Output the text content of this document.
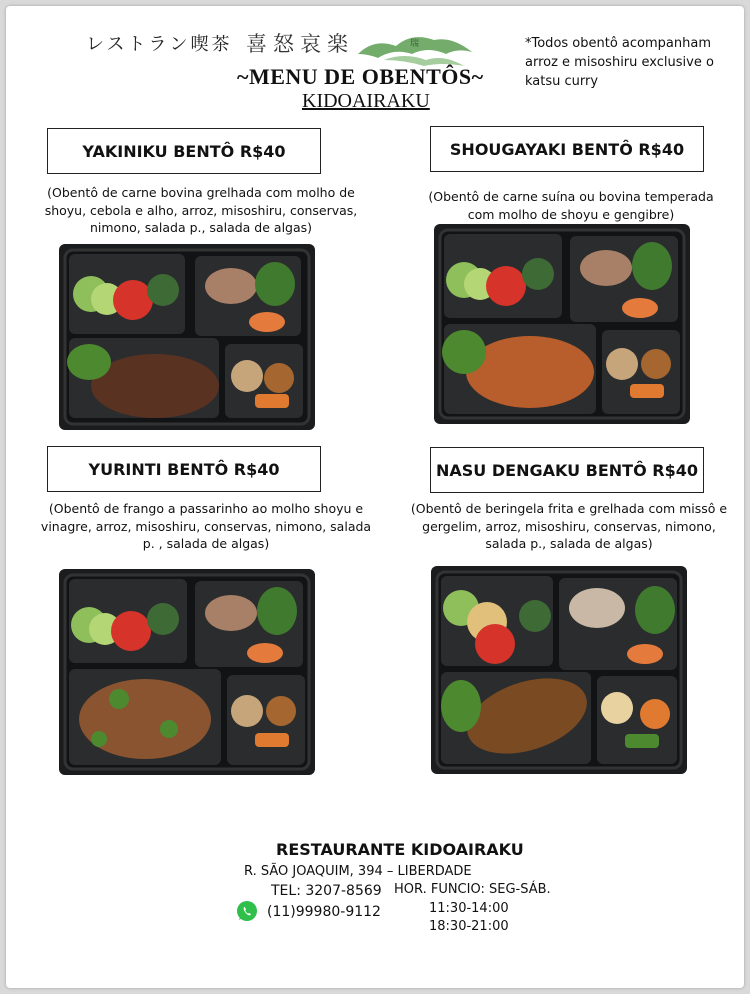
レストラン喫茶 喜怒哀楽	瑞
~MENU DE OBENTÔS~
KIDOAIRAKU
*Todos obentô acompanham
arroz e misoshiru exclusive o
katsu curry
YAKINIKU BENTÔ R$40
(Obentô de carne bovina grelhada com molho de
shoyu, cebola e alho, arroz, misoshiru, conservas,
nimono, salada p., salada de algas)
SHOUGAYAKI BENTÔ R$40
(Obentô de carne suína ou bovina temperada
com molho de shoyu e gengibre)
YURINTI BENTÔ R$40
(Obentô de frango a passarinho ao molho shoyu e
vinagre, arroz, misoshiru, conservas, nimono, salada
p. , salada de algas)
NASU DENGAKU BENTÔ R$40
(Obentô de beringela frita e grelhada com missô e
gergelim, arroz, misoshiru, conservas, nimono,
salada p., salada de algas)
RESTAURANTE KIDOAIRAKU
R. SÃO JOAQUIM, 394 – LIBERDADE
TEL: 3207-8569 HOR. FUNCIO: SEG-SÁB.
(11)99980-9112	11:30-14:00
18:30-21:00
